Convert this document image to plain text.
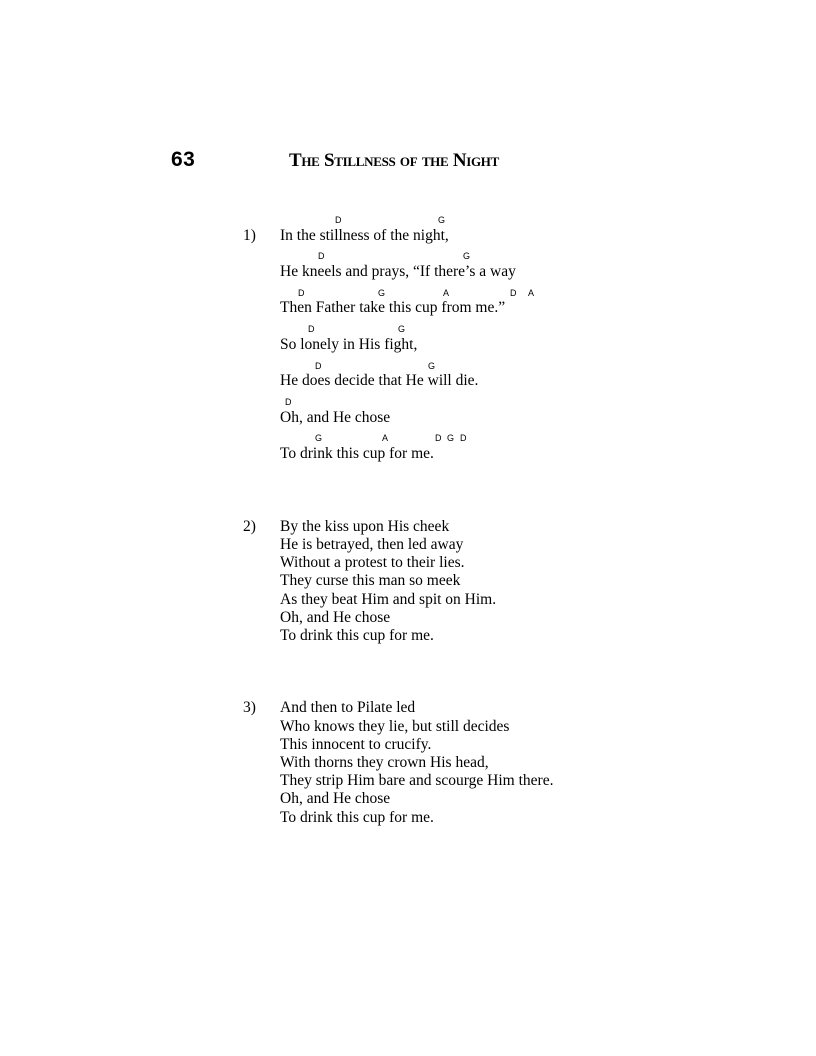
63	The Stillness of the Night
1)
D	G
In the stillness of the night,
D	G
He kneels and prays, “If there’s a way
D	G	A	D A
Then Father take this cup from me.”
D	G
So lonely in His fight,
D	G
He does decide that He will die.
D
Oh, and He chose
G	A	D G D
To drink this cup for me.
2) By the kiss upon His cheek
He is betrayed, then led away
Without a protest to their lies.
They curse this man so meek
As they beat Him and spit on Him.
Oh, and He chose
To drink this cup for me.
3) And then to Pilate led
Who knows they lie, but still decides
This innocent to crucify.
With thorns they crown His head,
They strip Him bare and scourge Him there.
Oh, and He chose
To drink this cup for me.
